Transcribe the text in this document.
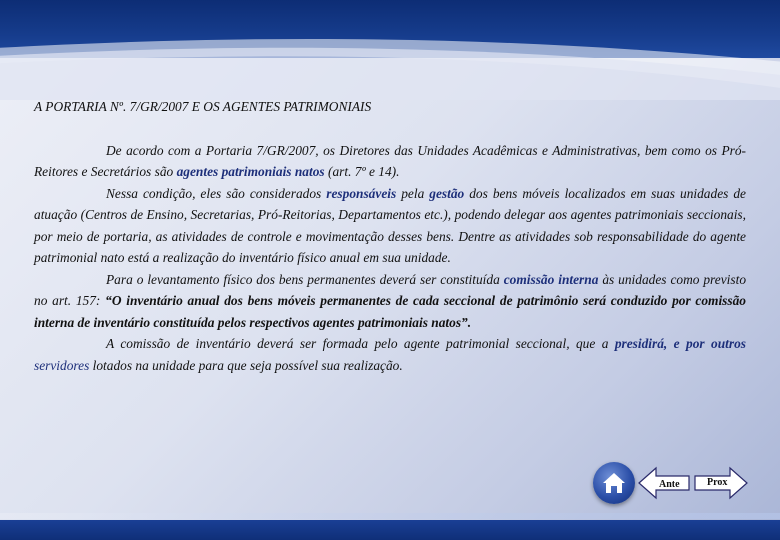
A PORTARIA Nº. 7/GR/2007 E OS AGENTES PATRIMONIAIS

De acordo com a Portaria 7/GR/2007, os Diretores das Unidades Acadêmicas e Administrativas, bem como os Pró-Reitores e Secretários são agentes patrimoniais natos (art. 7º e 14).

Nessa condição, eles são considerados responsáveis pela gestão dos bens móveis localizados em suas unidades de atuação (Centros de Ensino, Secretarias, Pró-Reitorias, Departamentos etc.), podendo delegar aos agentes patrimoniais seccionais, por meio de portaria, as atividades de controle e movimentação desses bens. Dentre as atividades sob responsabilidade do agente patrimonial nato está a realização do inventário físico anual em sua unidade.

Para o levantamento físico dos bens permanentes deverá ser constituída comissão interna às unidades como previsto no art. 157: “O inventário anual dos bens móveis permanentes de cada seccional de patrimônio será conduzido por comissão interna de inventário constituída pelos respectivos agentes patrimoniais natos”.

A comissão de inventário deverá ser formada pelo agente patrimonial seccional, que a presidirá, e por outros servidores lotados na unidade para que seja possível sua realização.

Ante	Prox
